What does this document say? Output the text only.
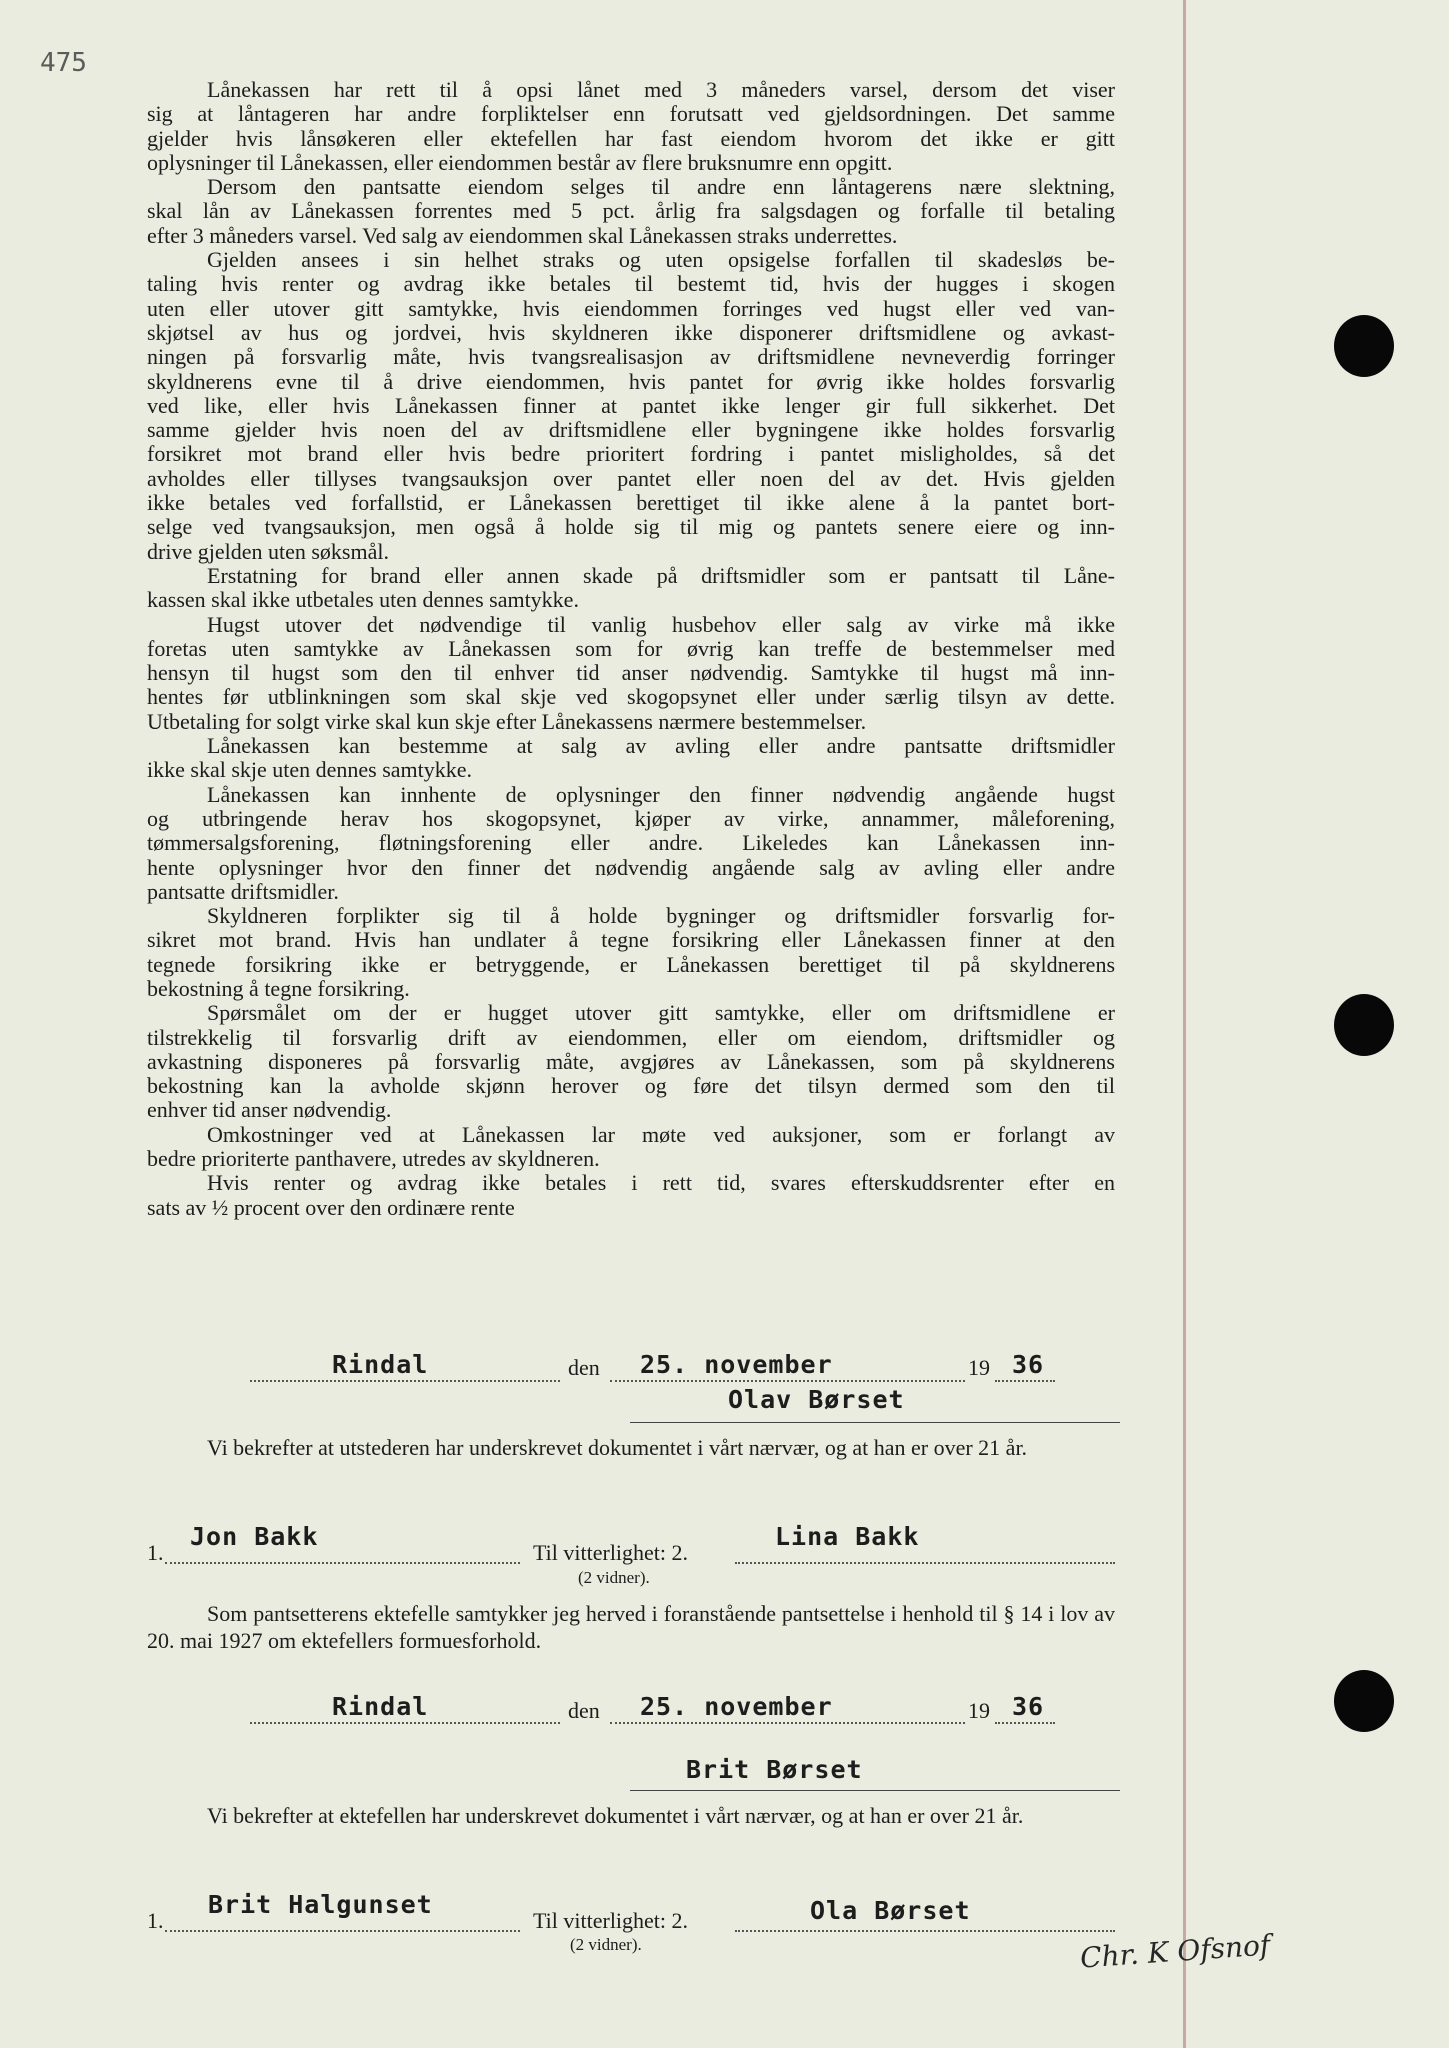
475
Lånekassen har rett til å opsi lånet med 3 måneders varsel, dersom det viser
sig at låntageren har andre forpliktelser enn forutsatt ved gjeldsordningen. Det samme
gjelder hvis lånsøkeren eller ektefellen har fast eiendom hvorom det ikke er gitt
oplysninger til Lånekassen, eller eiendommen består av flere bruksnumre enn opgitt.
Dersom den pantsatte eiendom selges til andre enn låntagerens nære slektning,
skal lån av Lånekassen forrentes med 5 pct. årlig fra salgsdagen og forfalle til betaling
efter 3 måneders varsel. Ved salg av eiendommen skal Lånekassen straks underrettes.
Gjelden ansees i sin helhet straks og uten opsigelse forfallen til skadesløs be-
taling hvis renter og avdrag ikke betales til bestemt tid, hvis der hugges i skogen
uten eller utover gitt samtykke, hvis eiendommen forringes ved hugst eller ved van-
skjøtsel av hus og jordvei, hvis skyldneren ikke disponerer driftsmidlene og avkast-
ningen på forsvarlig måte, hvis tvangsrealisasjon av driftsmidlene nevneverdig forringer
skyldnerens evne til å drive eiendommen, hvis pantet for øvrig ikke holdes forsvarlig
ved like, eller hvis Lånekassen finner at pantet ikke lenger gir full sikkerhet. Det
samme gjelder hvis noen del av driftsmidlene eller bygningene ikke holdes forsvarlig
forsikret mot brand eller hvis bedre prioritert fordring i pantet misligholdes, så det
avholdes eller tillyses tvangsauksjon over pantet eller noen del av det. Hvis gjelden
ikke betales ved forfallstid, er Lånekassen berettiget til ikke alene å la pantet bort-
selge ved tvangsauksjon, men også å holde sig til mig og pantets senere eiere og inn-
drive gjelden uten søksmål.
Erstatning for brand eller annen skade på driftsmidler som er pantsatt til Låne-
kassen skal ikke utbetales uten dennes samtykke.
Hugst utover det nødvendige til vanlig husbehov eller salg av virke må ikke
foretas uten samtykke av Lånekassen som for øvrig kan treffe de bestemmelser med
hensyn til hugst som den til enhver tid anser nødvendig. Samtykke til hugst må inn-
hentes før utblinkningen som skal skje ved skogopsynet eller under særlig tilsyn av dette.
Utbetaling for solgt virke skal kun skje efter Lånekassens nærmere bestemmelser.
Lånekassen kan bestemme at salg av avling eller andre pantsatte driftsmidler
ikke skal skje uten dennes samtykke.
Lånekassen kan innhente de oplysninger den finner nødvendig angående hugst
og utbringende herav hos skogopsynet, kjøper av virke, annammer, måleforening,
tømmersalgsforening, fløtningsforening eller andre. Likeledes kan Lånekassen inn-
hente oplysninger hvor den finner det nødvendig angående salg av avling eller andre
pantsatte driftsmidler.
Skyldneren forplikter sig til å holde bygninger og driftsmidler forsvarlig for-
sikret mot brand. Hvis han undlater å tegne forsikring eller Lånekassen finner at den
tegnede forsikring ikke er betryggende, er Lånekassen berettiget til på skyldnerens
bekostning å tegne forsikring.
Spørsmålet om der er hugget utover gitt samtykke, eller om driftsmidlene er
tilstrekkelig til forsvarlig drift av eiendommen, eller om eiendom, driftsmidler og
avkastning disponeres på forsvarlig måte, avgjøres av Lånekassen, som på skyldnerens
bekostning kan la avholde skjønn herover og føre det tilsyn dermed som den til
enhver tid anser nødvendig.
Omkostninger ved at Lånekassen lar møte ved auksjoner, som er forlangt av
bedre prioriterte panthavere, utredes av skyldneren.
Hvis renter og avdrag ikke betales i rett tid, svares efterskuddsrenter efter en
sats av ½ procent over den ordinære rente
Rindal	den 25. november	19 36
Olav Børset
Vi bekrefter at utstederen har underskrevet dokumentet i vårt nærvær, og at han er over 21 år.
1.
Jon Bakk
Til vitterlighet: 2.
Lina Bakk
(2 vidner).
Som pantsetterens ektefelle samtykker jeg herved i foranstående pantsettelse i henhold til § 14 i lov av 20. mai 1927 om ektefellers formuesforhold.
Rindal	den 25. november	19 36
Brit Børset
Vi bekrefter at ektefellen har underskrevet dokumentet i vårt nærvær, og at han er over 21 år.
1.
Brit Halgunset
Til vitterlighet: 2.	Ola Børset
(2 vidner).	Chr. K Ofsnof
